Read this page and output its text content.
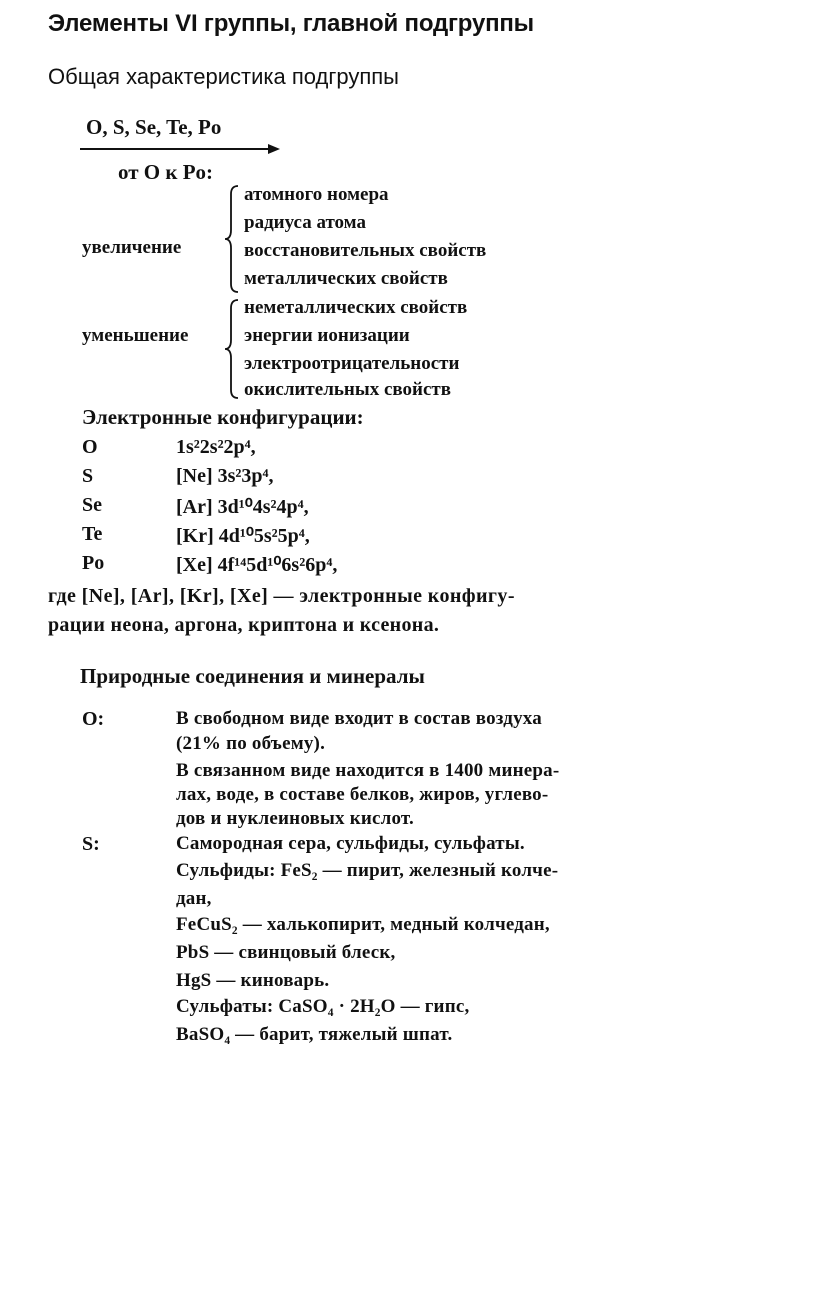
Элементы VI группы, главной подгруппы
Общая характеристика подгруппы
O, S, Se, Te, Po
от O к Po:
увеличение
атомного номера
радиуса атома
восстановительных свойств
металлических свойств
уменьшение
неметаллических свойств
энергии ионизации
электроотрицательности
окислительных свойств
Электронные конфигурации:
O	1s²2s²2p⁴,
S	[Ne] 3s²3p⁴,
Se	[Ar] 3d¹⁰4s²4p⁴,
Te	[Kr] 4d¹⁰5s²5p⁴,
Po	[Xe] 4f¹⁴5d¹⁰6s²6p⁴,
где [Ne], [Ar], [Kr], [Xe] — электронные конфигу-
рации неона, аргона, криптона и ксенона.
Природные соединения и минералы
O:	В свободном виде входит в состав воздуха
(21% по объему).
В связанном виде находится в 1400 минера-
лах, воде, в составе белков, жиров, углево-
дов и нуклеиновых кислот.
S:	Самородная сера, сульфиды, сульфаты.
Сульфиды: FeS₂ — пирит, железный колче-
дан,
FeCuS₂ — халькопирит, медный колчедан,
PbS — свинцовый блеск,
HgS — киноварь.
Сульфаты: CaSO₄ · 2H₂O — гипс,
BaSO₄ — барит, тяжелый шпат.
